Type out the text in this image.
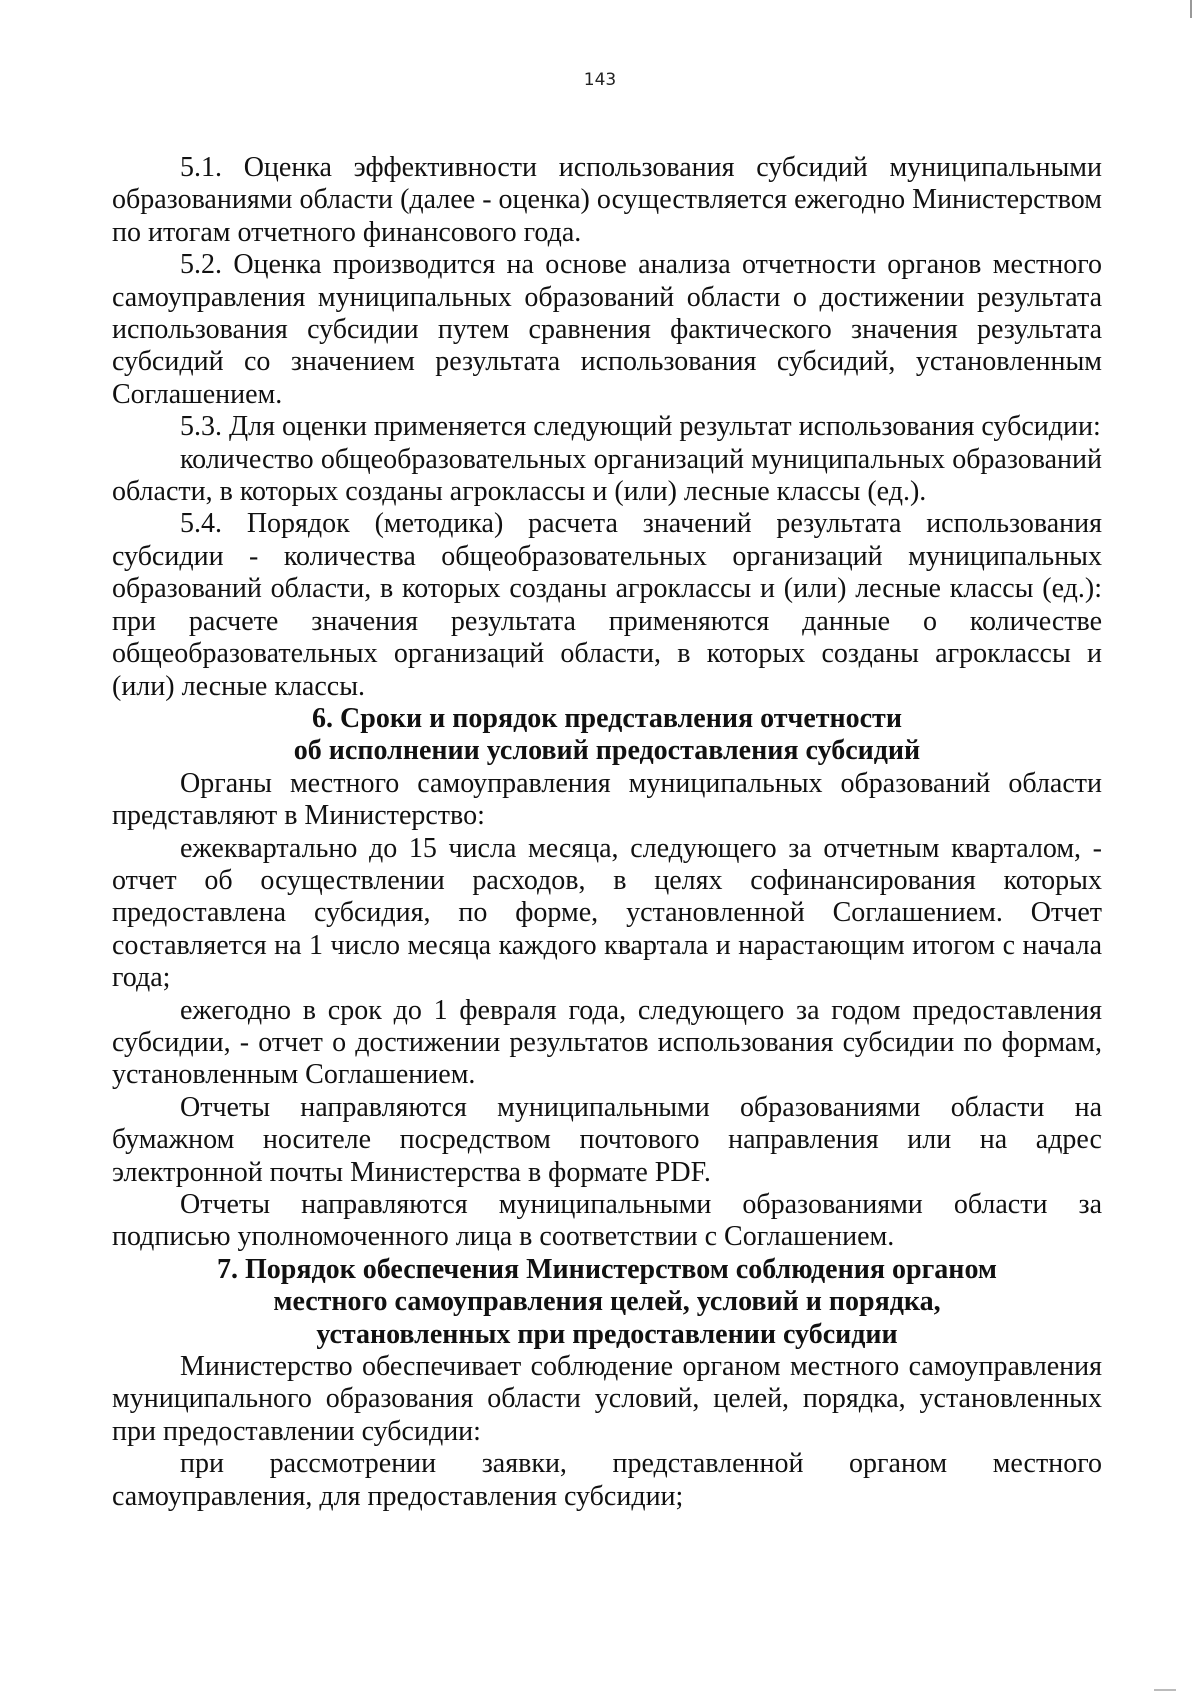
143

5.1. Оценка эффективности использования субсидий муниципальными образованиями области (далее - оценка) осуществляется ежегодно Министерством по итогам отчетного финансового года.

5.2. Оценка производится на основе анализа отчетности органов местного самоуправления муниципальных образований области о достижении результата использования субсидии путем сравнения фактического значения результата субсидий со значением результата использования субсидий, установленным Соглашением.

5.3. Для оценки применяется следующий результат использования субсидии:

количество общеобразовательных организаций муниципальных образований области, в которых созданы агроклассы и (или) лесные классы (ед.).

5.4. Порядок (методика) расчета значений результата использования субсидии - количества общеобразовательных организаций муниципальных образований области, в которых созданы агроклассы и (или) лесные классы (ед.): при расчете значения результата применяются данные о количестве общеобразовательных организаций области, в которых созданы агроклассы и (или) лесные классы.

6. Сроки и порядок представления отчетности
об исполнении условий предоставления субсидий

Органы местного самоуправления муниципальных образований области представляют в Министерство:

ежеквартально до 15 числа месяца, следующего за отчетным кварталом, - отчет об осуществлении расходов, в целях софинансирования которых предоставлена субсидия, по форме, установленной Соглашением. Отчет составляется на 1 число месяца каждого квартала и нарастающим итогом с начала года;

ежегодно в срок до 1 февраля года, следующего за годом предоставления субсидии, - отчет о достижении результатов использования субсидии по формам, установленным Соглашением.

Отчеты направляются муниципальными образованиями области на бумажном носителе посредством почтового направления или на адрес электронной почты Министерства в формате PDF.

Отчеты направляются муниципальными образованиями области за подписью уполномоченного лица в соответствии с Соглашением.

7. Порядок обеспечения Министерством соблюдения органом
местного самоуправления целей, условий и порядка,
установленных при предоставлении субсидии

Министерство обеспечивает соблюдение органом местного самоуправления муниципального образования области условий, целей, порядка, установленных при предоставлении субсидии:

при рассмотрении заявки, представленной органом местного самоуправления, для предоставления субсидии;
